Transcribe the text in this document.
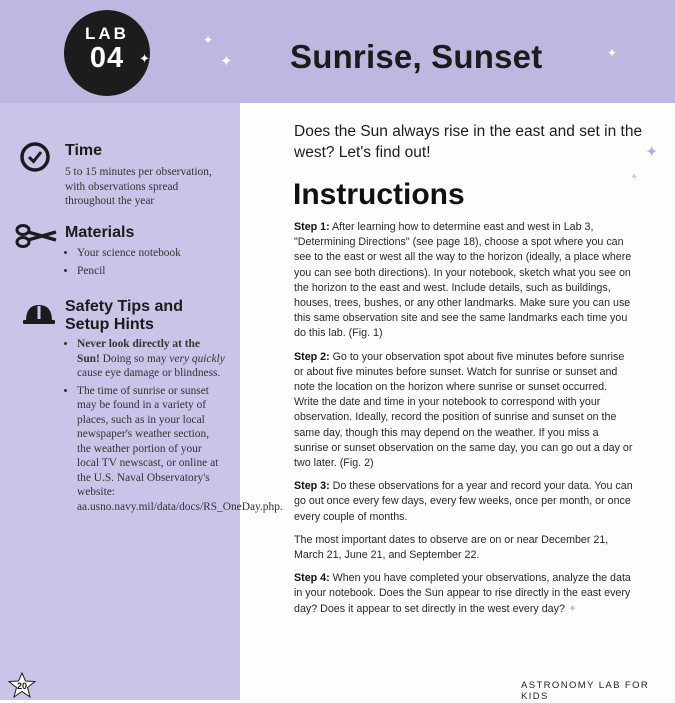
LAB
04	✦
✦
✦	✦
Sunrise, Sunset
Time
5 to 15 minutes per observation, with observations spread throughout the year
Materials
• Your science notebook
• Pencil
Safety Tips and
Setup Hints
• Never look directly at the Sun! Doing so may very quickly cause eye damage or blindness.
• The time of sunrise or sunset may be found in a variety of places, such as in your local newspaper's weather section, the weather portion of your local TV newscast, or online at the U.S. Naval Observatory's website: aa.usno.navy.mil/data/docs/RS_OneDay.php.
Does the Sun always rise in the east and set in the west? Let's find out!	✦
✦
Instructions

Step 1: After learning how to determine east and west in Lab 3, "Determining Directions" (see page 18), choose a spot where you can see to the east or west all the way to the horizon (ideally, a place where you can see both directions). In your notebook, sketch what you see on the horizon to the east and west. Include details, such as buildings, houses, trees, bushes, or any other landmarks. Make sure you can use this same observation site and see the same landmarks each time you do this lab. (Fig. 1)

Step 2: Go to your observation spot about five minutes before sunrise or about five minutes before sunset. Watch for sunrise or sunset and note the location on the horizon where sunrise or sunset occurred. Write the date and time in your notebook to correspond with your observation. Ideally, record the position of sunrise and sunset on the same day, though this may depend on the weather. If you miss a sunrise or sunset observation on the same day, you can go out a day or two later. (Fig. 2)

Step 3: Do these observations for a year and record your data. You can go out once every few days, every few weeks, once per month, or once every couple of months.

The most important dates to observe are on or near December 21, March 21, June 21, and September 22.

Step 4: When you have completed your observations, analyze the data in your notebook. Does the Sun appear to rise directly in the east every day? Does it appear to set directly in the west every day? ✦

20	ASTRONOMY LAB FOR KIDS
